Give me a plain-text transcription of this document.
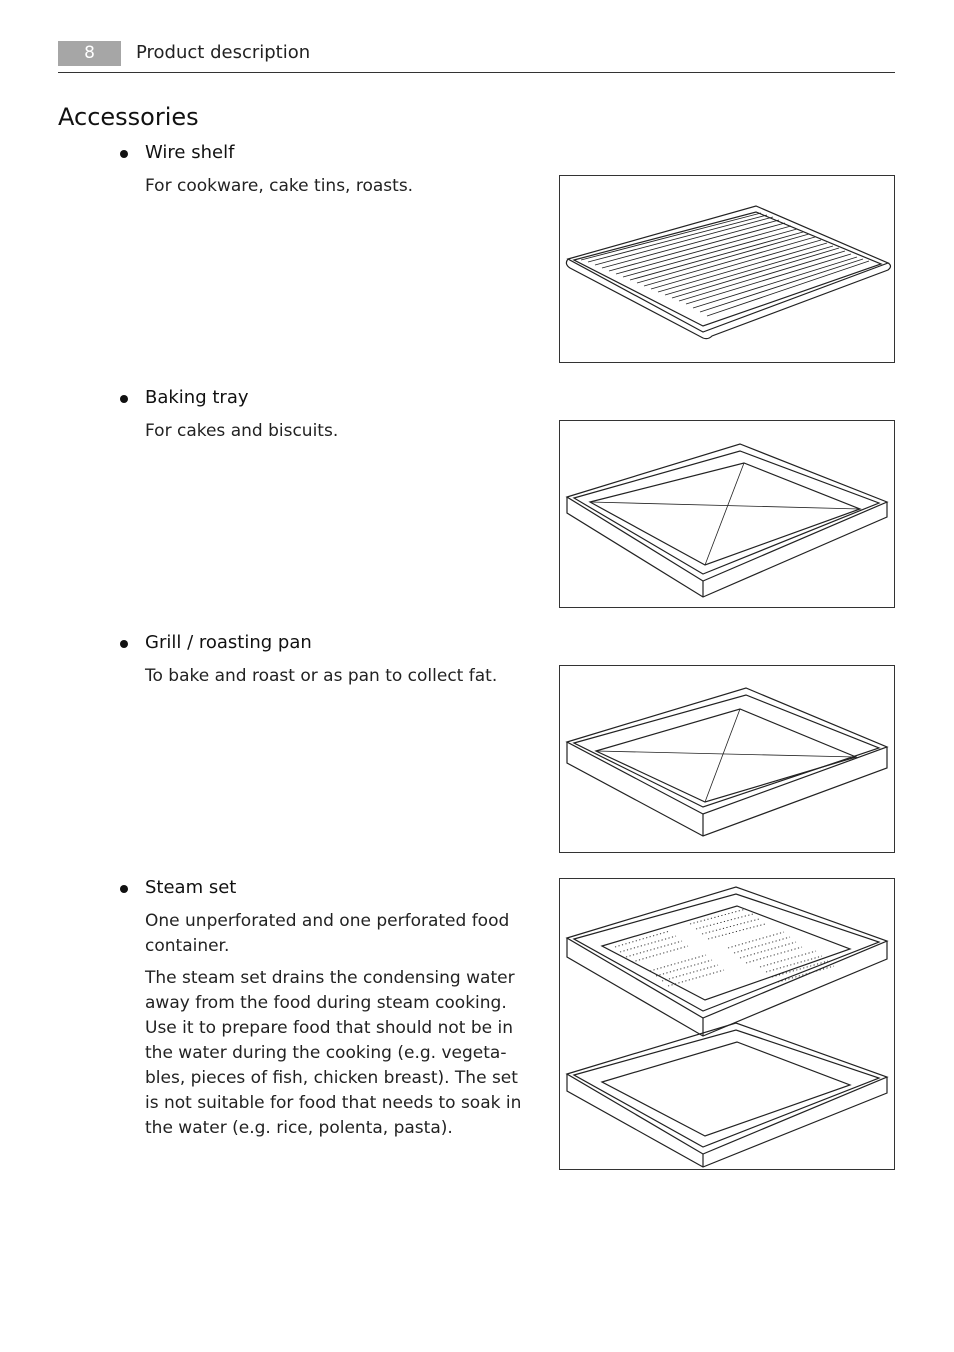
8	Product description
Accessories
Wire shelf

For cookware, cake tins, roasts.

Baking tray

For cakes and biscuits.

Grill / roasting pan

To bake and roast or as pan to collect fat.

Steam set

One unperforated and one perforated food container.

The steam set drains the condensing water away from the food during steam cooking. Use it to prepare food that should not be in the water during the cooking (e.g. vegeta-bles, pieces of fish, chicken breast). The set is not suitable for food that needs to soak in the water (e.g. rice, polenta, pasta).
